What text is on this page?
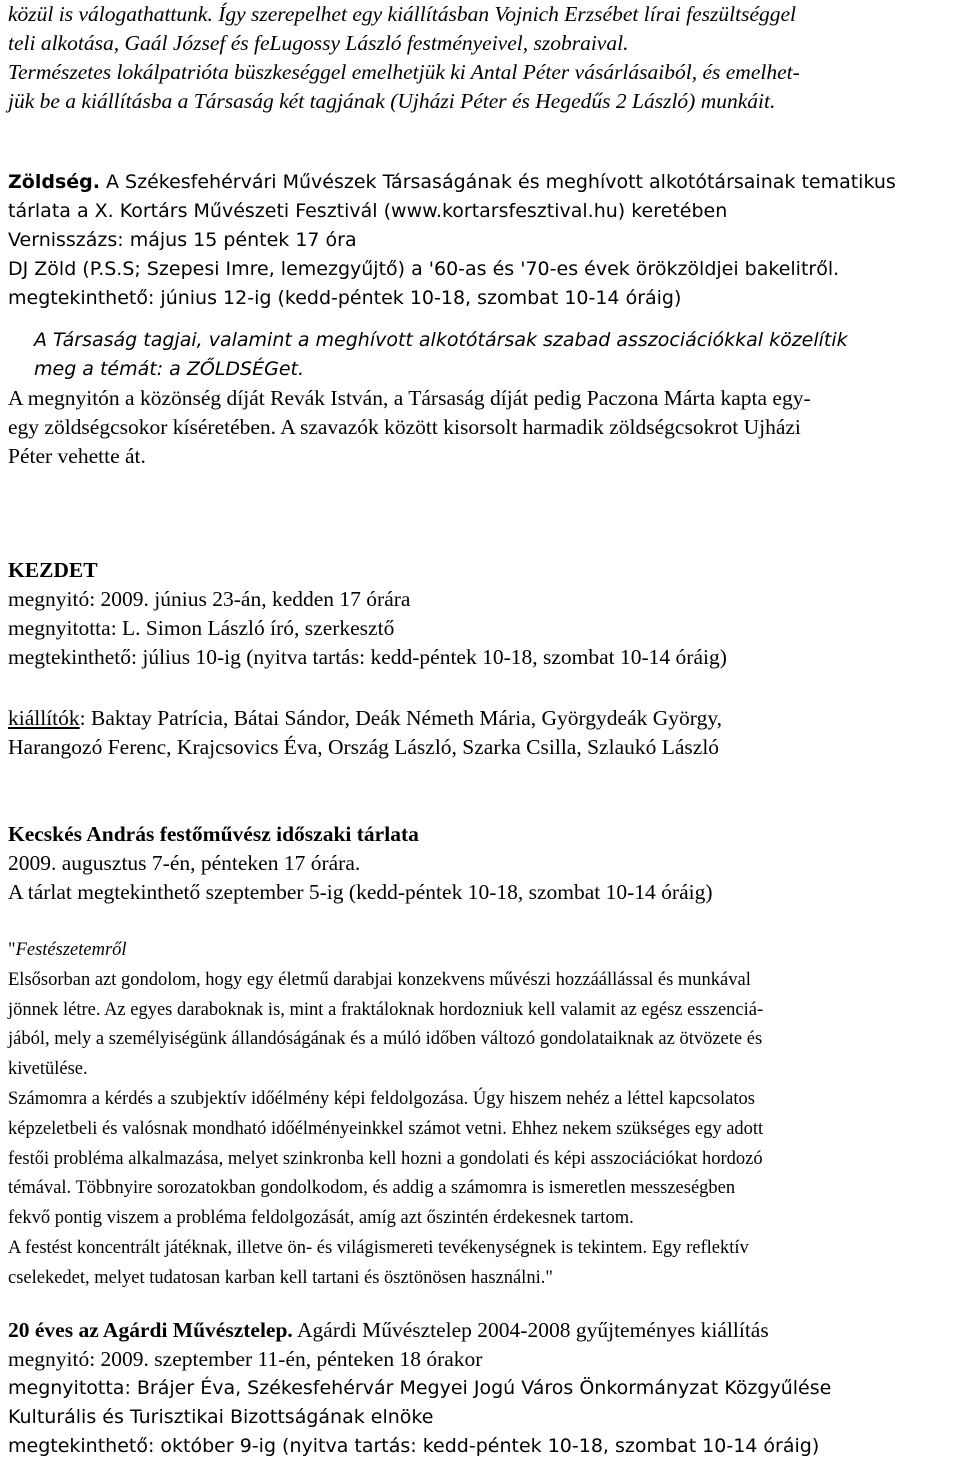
közül is válogathattunk. Így szerepelhet egy kiállításban Vojnich Erzsébet lírai feszültséggel

teli alkotása, Gaál József és feLugossy László festményeivel, szobraival.

Természetes lokálpatrióta büszkeséggel emelhetjük ki Antal Péter vásárlásaiból, és emelhet-

jük be a kiállításba a Társaság két tagjának (Ujházi Péter és Hegedűs 2 László) munkáit.

Zöldség. A Székesfehérvári Művészek Társaságának és meghívott alkotótársainak tematikus

tárlata a X. Kortárs Művészeti Fesztivál (www.kortarsfesztival.hu) keretében

Vernisszázs: május 15 péntek 17 óra

DJ Zöld (P.S.S; Szepesi Imre, lemezgyűjtő) a '60-as és '70-es évek örökzöldjei bakelitről.

megtekinthető: június 12-ig (kedd-péntek 10-18, szombat 10-14 óráig)

A Társaság tagjai, valamint a meghívott alkotótársak szabad asszociációkkal közelítik

meg a témát: a ZŐLDSÉGet.

A megnyitón a közönség díját Revák István, a Társaság díját pedig Paczona Márta kapta egy-

egy zöldségcsokor kíséretében. A szavazók között kisorsolt harmadik zöldségcsokrot Ujházi

Péter vehette át.

KEZDET

megnyitó: 2009. június 23-án, kedden 17 órára

megnyitotta: L. Simon László író, szerkesztő

megtekinthető: július 10-ig (nyitva tartás: kedd-péntek 10-18, szombat 10-14 óráig)

kiállítók: Baktay Patrícia, Bátai Sándor, Deák Németh Mária, Györgydeák György,

Harangozó Ferenc, Krajcsovics Éva, Ország László, Szarka Csilla, Szlaukó László

Kecskés András festőművész időszaki tárlata

2009. augusztus 7-én, pénteken 17 órára.

A tárlat megtekinthető szeptember 5-ig (kedd-péntek 10-18, szombat 10-14 óráig)

"Festészetemről

Elsősorban azt gondolom, hogy egy életmű darabjai konzekvens művészi hozzáállással és munkával

jönnek létre. Az egyes daraboknak is, mint a fraktáloknak hordozniuk kell valamit az egész esszenciá-

jából, mely a személyiségünk állandóságának és a múló időben változó gondolataiknak az ötvözete és

kivetülése.

Számomra a kérdés a szubjektív időélmény képi feldolgozása. Úgy hiszem nehéz a léttel kapcsolatos

képzeletbeli és valósnak mondható időélményeinkkel számot vetni. Ehhez nekem szükséges egy adott

festői probléma alkalmazása, melyet szinkronba kell hozni a gondolati és képi asszociációkat hordozó

témával. Többnyire sorozatokban gondolkodom, és addig a számomra is ismeretlen messzeségben

fekvő pontig viszem a probléma feldolgozását, amíg azt őszintén érdekesnek tartom.

A festést koncentrált játéknak, illetve ön- és világismereti tevékenységnek is tekintem. Egy reflektív

cselekedet, melyet tudatosan karban kell tartani és ösztönösen használni."

20 éves az Agárdi Művésztelep. Agárdi Művésztelep 2004-2008 gyűjteményes kiállítás

megnyitó: 2009. szeptember 11-én, pénteken 18 órakor

megnyitotta: Brájer Éva, Székesfehérvár Megyei Jogú Város Önkormányzat Közgyűlése

Kulturális és Turisztikai Bizottságának elnöke

megtekinthető: október 9-ig (nyitva tartás: kedd-péntek 10-18, szombat 10-14 óráig)
